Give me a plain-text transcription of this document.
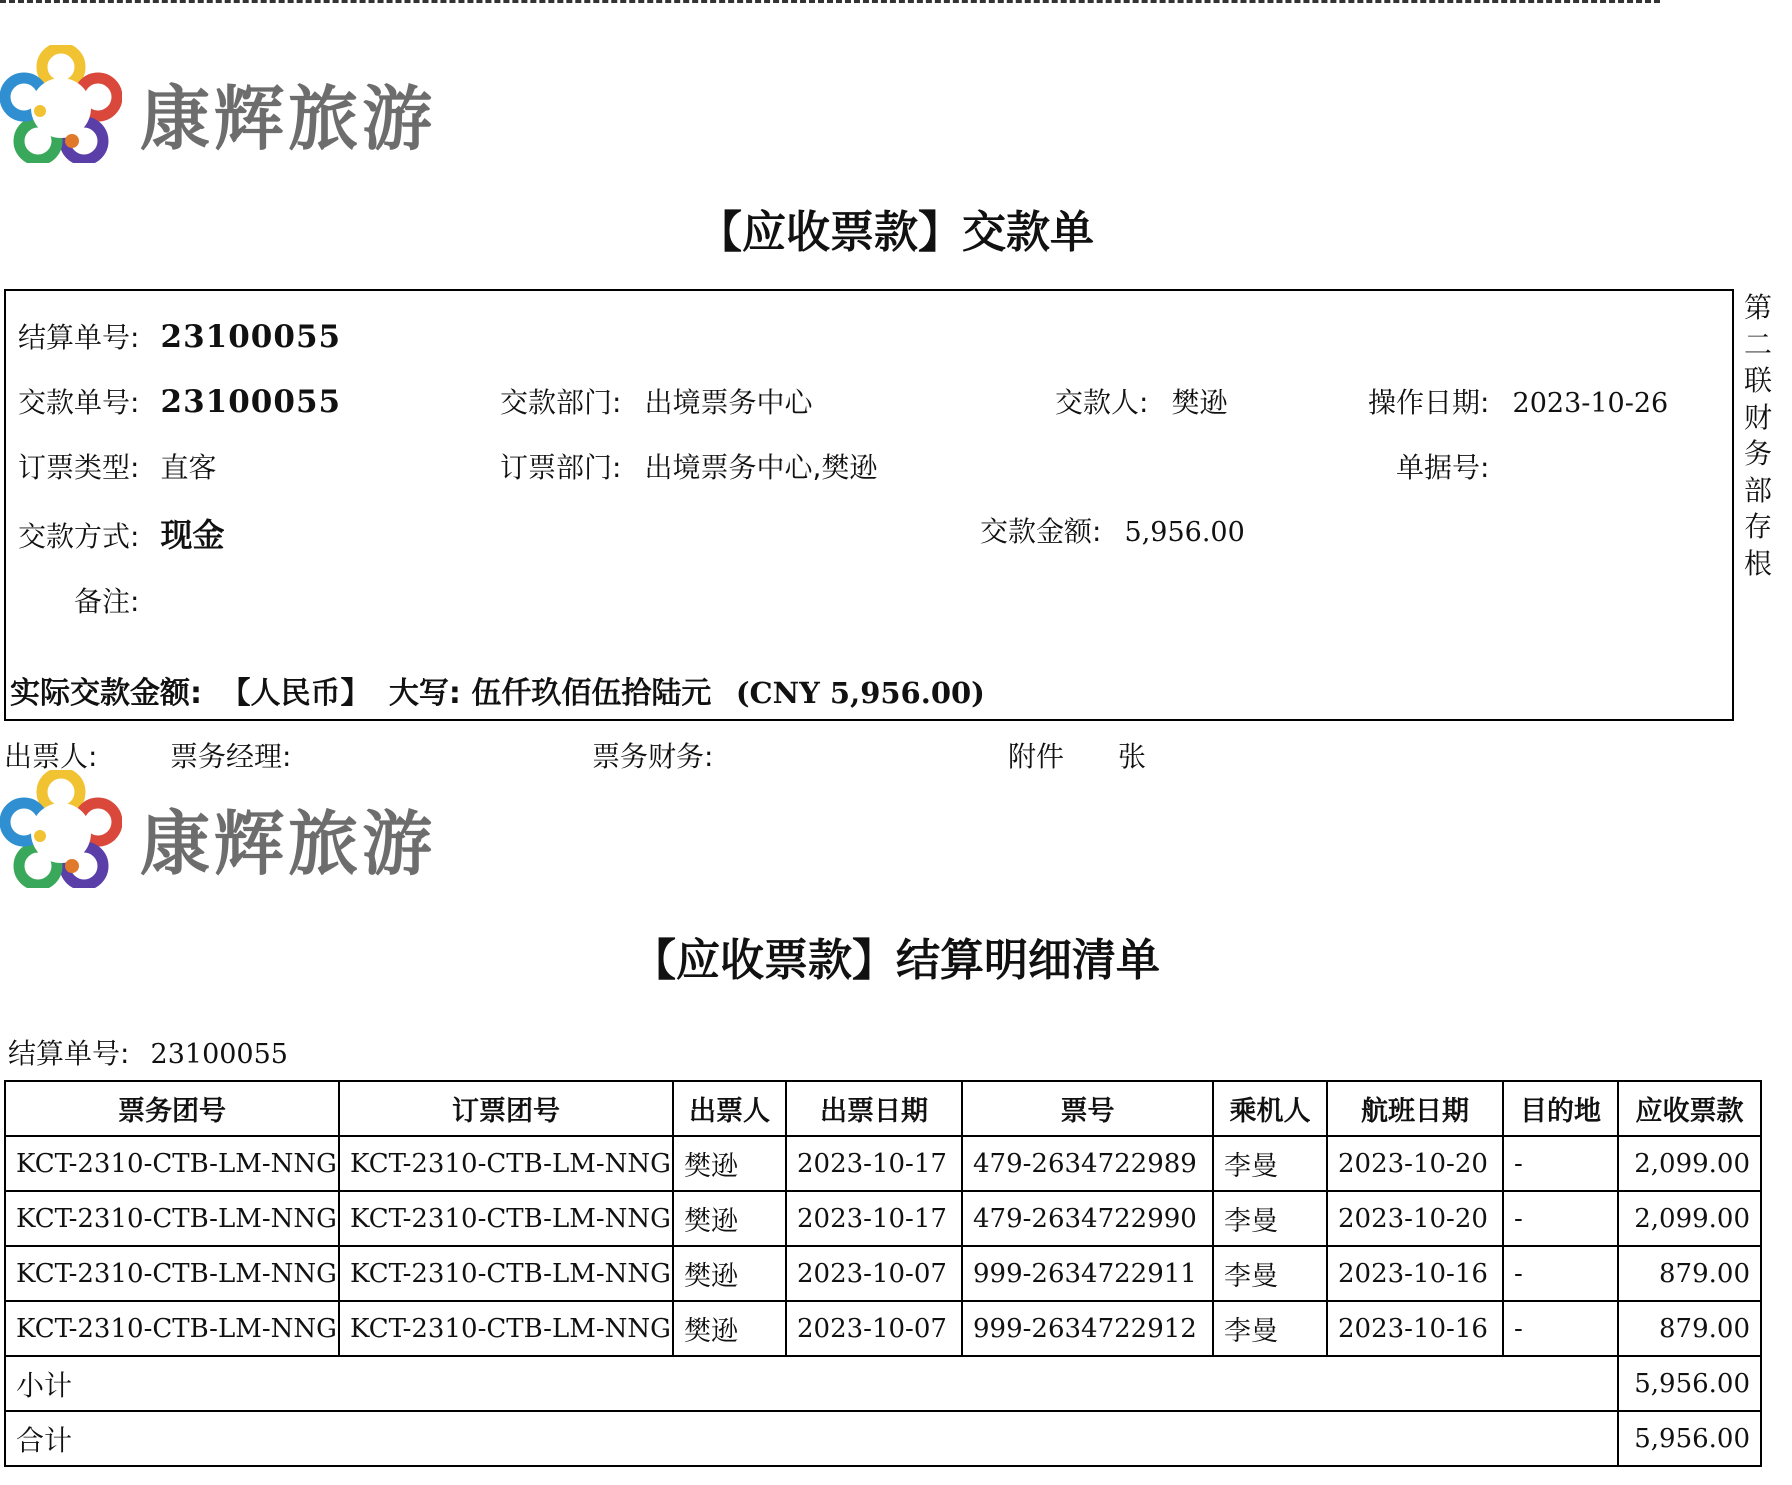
康辉旅游
【应收票款】交款单
第
二
联
财
务
部
存
根
结算单号: 23100055
交款单号: 23100055	交款部门: 出境票务中心	交款人: 樊逊	操作日期: 2023-10-26
订票类型: 直客	订票部门: 出境票务中心,樊逊	单据号:
交款方式: 现金	交款金额: 5,956.00
备注:
实际交款金额: 【人民币】 大写: 伍仟玖佰伍拾陆元 (CNY 5,956.00)
出票人:	票务经理:	票务财务:	附件 张
康辉旅游
【应收票款】结算明细清单
结算单号: 23100055
票务团号	订票团号	出票人	出票日期	票号	乘机人	航班日期	目的地	应收票款
KCT-2310-CTB-LM-NNG	KCT-2310-CTB-LM-NNG	樊逊	2023-10-17	479-2634722989	李曼	2023-10-20	-	2,099.00
KCT-2310-CTB-LM-NNG	KCT-2310-CTB-LM-NNG	樊逊	2023-10-17	479-2634722990	李曼	2023-10-20	-	2,099.00
KCT-2310-CTB-LM-NNG	KCT-2310-CTB-LM-NNG	樊逊	2023-10-07	999-2634722911	李曼	2023-10-16	-	879.00
KCT-2310-CTB-LM-NNG	KCT-2310-CTB-LM-NNG	樊逊	2023-10-07	999-2634722912	李曼	2023-10-16	-	879.00
小计								5,956.00
合计								5,956.00
